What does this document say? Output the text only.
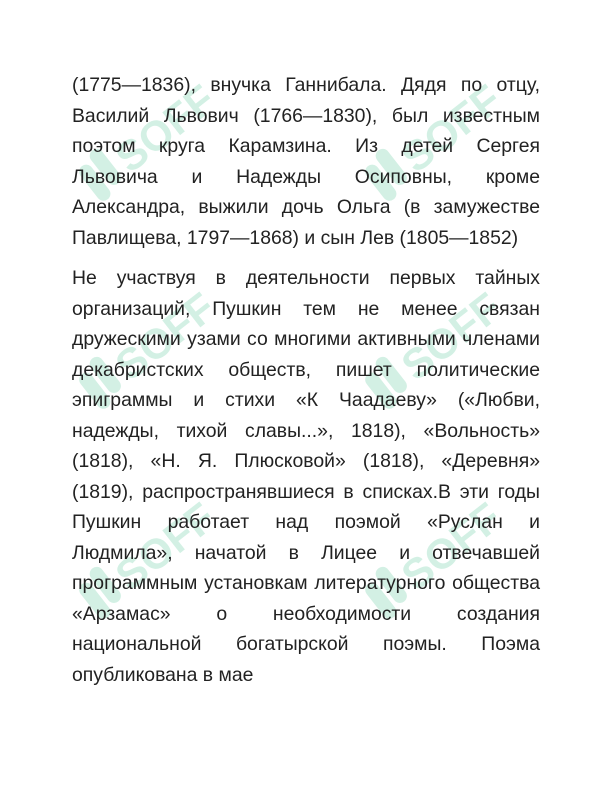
SOFF	SOFF
SOFF	SOFF
SOFF	SOFF

(1775—1836), внучка Ганнибала. Дядя по отцу, Василий Львович (1766—1830), был известным поэтом круга Карамзина. Из детей Сергея Львовича и Надежды Осиповны, кроме Александра, выжили дочь Ольга (в замужестве Павлищева, 1797—1868) и сын Лев (1805—1852)

Не участвуя в деятельности первых тайных организаций, Пушкин тем не менее связан дружескими узами со многими активными членами декабристских обществ, пишет политические эпиграммы и стихи «К Чаадаеву» («Любви, надежды, тихой славы...», 1818), «Вольность» (1818), «Н. Я. Плюсковой» (1818), «Деревня» (1819), распространявшиеся в списках.В эти годы Пушкин работает над поэмой «Руслан и Людмила», начатой в Лицее и отвечавшей программным установкам литературного общества «Арзамас» о необходимости создания национальной богатырской поэмы. Поэма опубликована в мае
